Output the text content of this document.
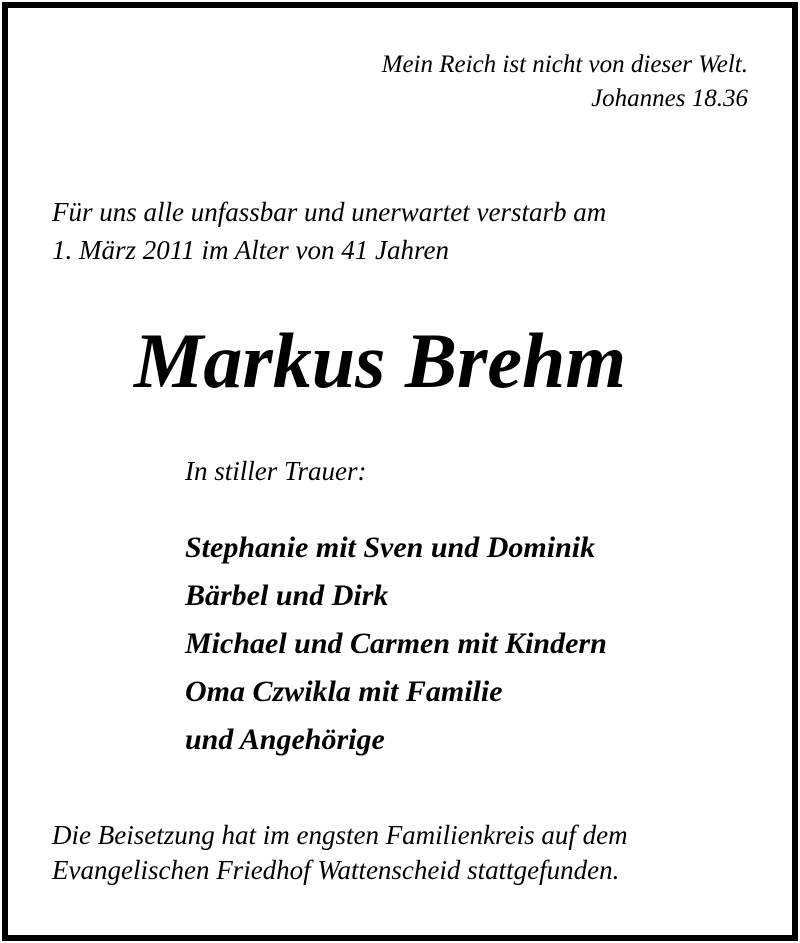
Mein Reich ist nicht von dieser Welt.
Johannes 18.36
Für uns alle unfassbar und unerwartet verstarb am
1. März 2011 im Alter von 41 Jahren
Markus Brehm
In stiller Trauer:
Stephanie mit Sven und Dominik
Bärbel und Dirk
Michael und Carmen mit Kindern
Oma Czwikla mit Familie
und Angehörige
Die Beisetzung hat im engsten Familienkreis auf dem
Evangelischen Friedhof Wattenscheid stattgefunden.
